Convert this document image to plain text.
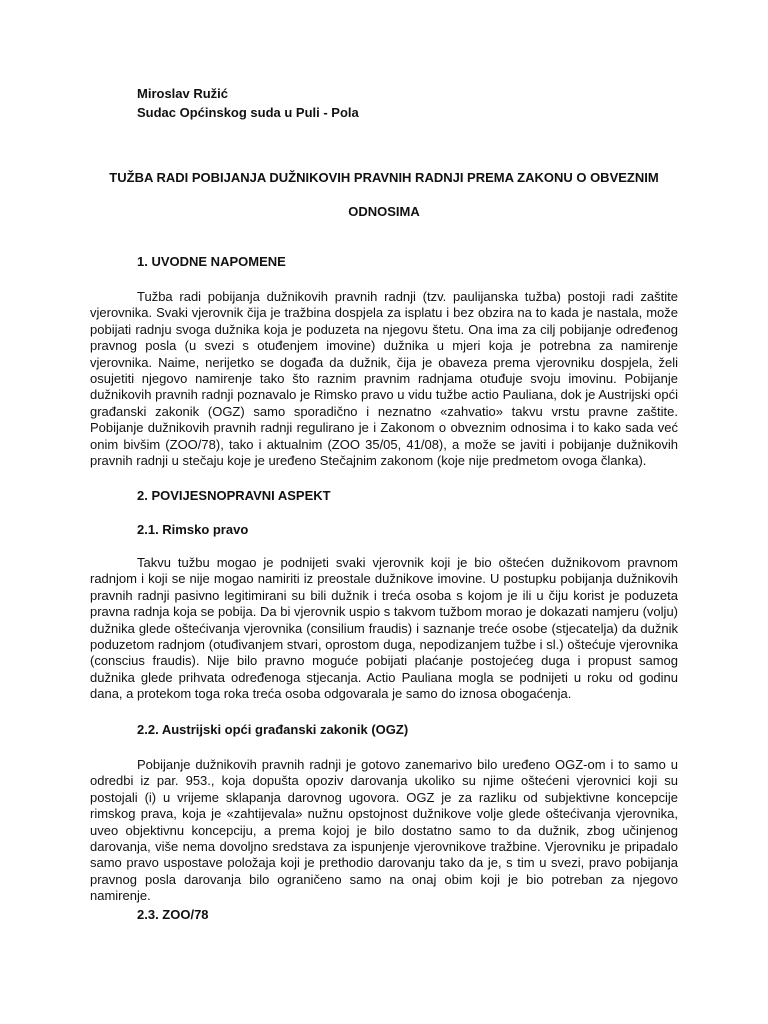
Miroslav Ružić
Sudac Općinskog suda u Puli - Pola
TUŽBA RADI POBIJANJA DUŽNIKOVIH PRAVNIH RADNJI PREMA ZAKONU O OBVEZNIM
ODNOSIMA
1. UVODNE NAPOMENE

Tužba radi pobijanja dužnikovih pravnih radnji (tzv. paulijanska tužba) postoji radi zaštite vjerovnika. Svaki vjerovnik čija je tražbina dospjela za isplatu i bez obzira na to kada je nastala, može pobijati radnju svoga dužnika koja je poduzeta na njegovu štetu. Ona ima za cilj pobijanje određenog pravnog posla (u svezi s otuđenjem imovine) dužnika u mjeri koja je potrebna za namirenje vjerovnika. Naime, nerijetko se događa da dužnik, čija je obaveza prema vjerovniku dospjela, želi osujetiti njegovo namirenje tako što raznim pravnim radnjama otuđuje svoju imovinu. Pobijanje dužnikovih pravnih radnji poznavalo je Rimsko pravo u vidu tužbe actio Pauliana, dok je Austrijski opći građanski zakonik (OGZ) samo sporadično i neznatno «zahvatio» takvu vrstu pravne zaštite. Pobijanje dužnikovih pravnih radnji regulirano je i Zakonom o obveznim odnosima i to kako sada već onim bivšim (ZOO/78), tako i aktualnim (ZOO 35/05, 41/08), a može se javiti i pobijanje dužnikovih pravnih radnji u stečaju koje je uređeno Stečajnim zakonom (koje nije predmetom ovoga članka).

2. POVIJESNOPRAVNI ASPEKT
2.1. Rimsko pravo

Takvu tužbu mogao je podnijeti svaki vjerovnik koji je bio oštećen dužnikovom pravnom radnjom i koji se nije mogao namiriti iz preostale dužnikove imovine. U postupku pobijanja dužnikovih pravnih radnji pasivno legitimirani su bili dužnik i treća osoba s kojom je ili u čiju korist je poduzeta pravna radnja koja se pobija. Da bi vjerovnik uspio s takvom tužbom morao je dokazati namjeru (volju) dužnika glede oštećivanja vjerovnika (consilium fraudis) i saznanje treće osobe (stjecatelja) da dužnik poduzetom radnjom (otuđivanjem stvari, oprostom duga, nepodizanjem tužbe i sl.) oštećuje vjerovnika (conscius fraudis). Nije bilo pravno moguće pobijati plaćanje postojećeg duga i propust samog dužnika glede prihvata određenoga stjecanja. Actio Pauliana mogla se podnijeti u roku od godinu dana, a protekom toga roka treća osoba odgovarala je samo do iznosa obogaćenja.

2.2. Austrijski opći građanski zakonik (OGZ)

Pobijanje dužnikovih pravnih radnji je gotovo zanemarivo bilo uređeno OGZ-om i to samo u odredbi iz par. 953., koja dopušta opoziv darovanja ukoliko su njime oštećeni vjerovnici koji su postojali (i) u vrijeme sklapanja darovnog ugovora. OGZ je za razliku od subjektivne koncepcije rimskog prava, koja je «zahtijevala» nužnu opstojnost dužnikove volje glede oštećivanja vjerovnika, uveo objektivnu koncepciju, a prema kojoj je bilo dostatno samo to da dužnik, zbog učinjenog darovanja, više nema dovoljno sredstava za ispunjenje vjerovnikove tražbine. Vjerovniku je pripadalo samo pravo uspostave položaja koji je prethodio darovanju tako da je, s tim u svezi, pravo pobijanja pravnog posla darovanja bilo ograničeno samo na onaj obim koji je bio potreban za njegovo namirenje.

2.3. ZOO/78
